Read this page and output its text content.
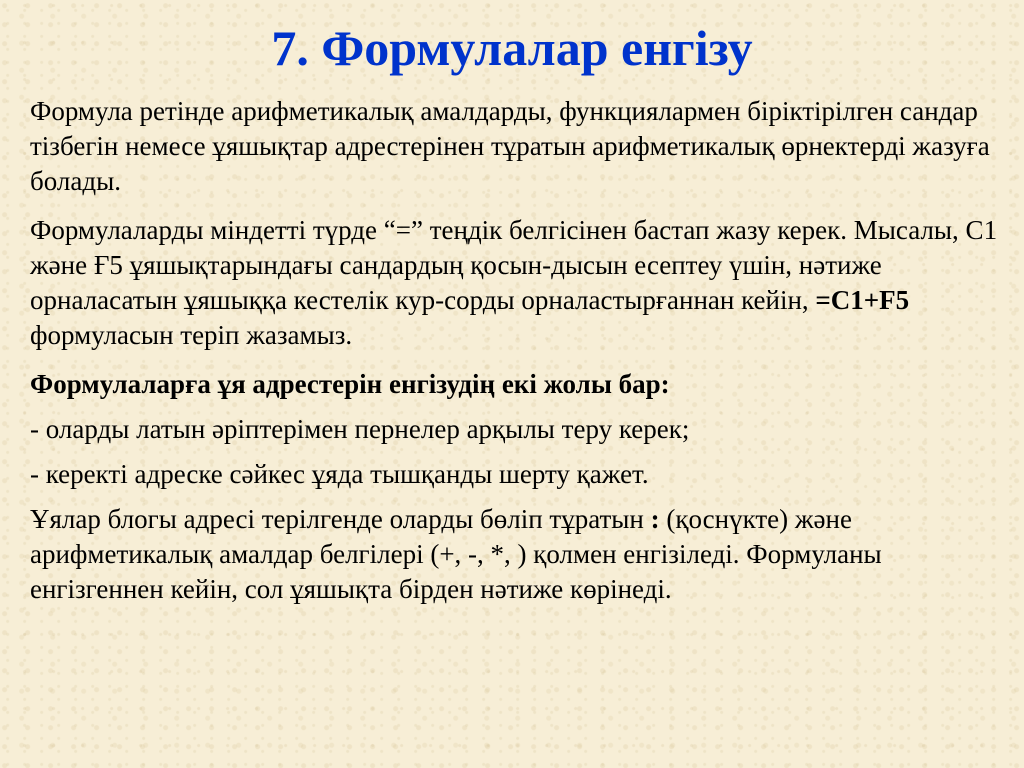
7. Формулалар енгізу

Формула ретінде арифметикалық амалдарды, функциялармен біріктірілген сандар тізбегін немесе ұяшықтар адрестерінен тұратын арифметикалық өрнектерді жазуға болады.

Формулаларды міндетті түрде “=” теңдік белгісінен бастап жазу керек. Мысалы, С1 және Ғ5 ұяшықтарындағы сандардың қосын-дысын есептеу үшін, нәтиже орналасатын ұяшыққа кестелік кур-сорды орналастырғаннан кейін, =C1+F5 формуласын теріп жазамыз.

Формулаларға ұя адрестерін енгізудің екі жолы бар:

- оларды латын әріптерімен пернелер арқылы теру керек;

- керекті адреске сәйкес ұяда тышқанды шерту қажет.

Ұялар блогы адресі терілгенде оларды бөліп тұратын : (қоснүкте) және арифметикалық амалдар белгілері (+, -, *, ) қолмен енгізіледі. Формуланы енгізгеннен кейін, сол ұяшықта бірден нәтиже көрінеді.
